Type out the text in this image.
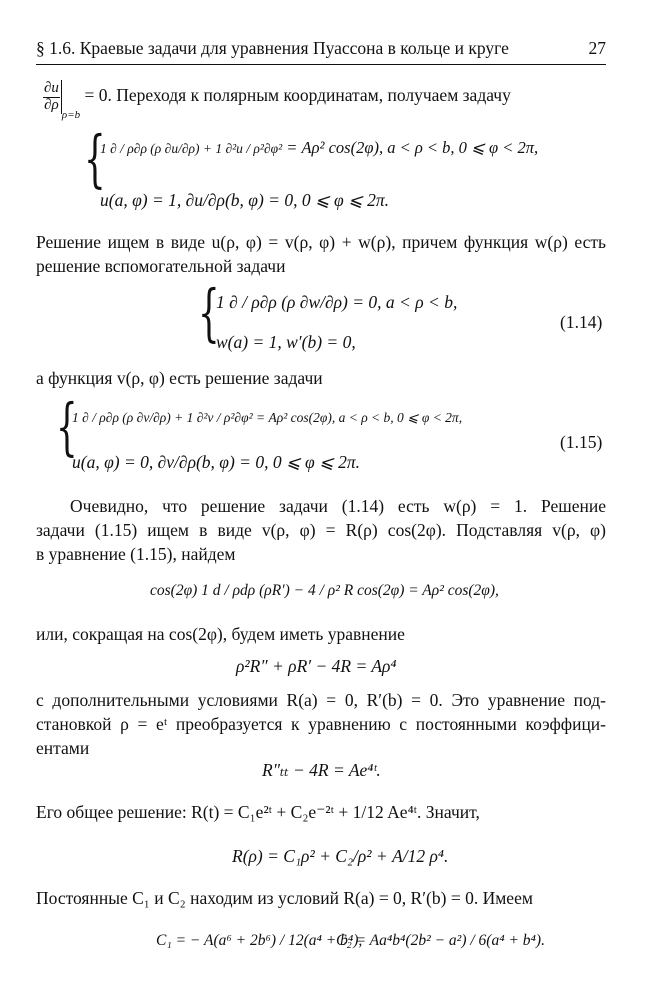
§ 1.6. Краевые задачи для уравнения Пуассона в кольце и круге	27
$\frac{\partial u}{\partial\rho}$
$_{\rho=b}$ = 0. Переходя к полярным координатам, получаем задачу
{
1 ∂ / ρ∂ρ (ρ ∂u/∂ρ) + 1 ∂²u / ρ²∂φ² = Aρ² cos(2φ), a < ρ < b, 0 ⩽ φ < 2π,
u(a, φ) = 1, ∂u/∂ρ(b, φ) = 0, 0 ⩽ φ ⩽ 2π.
Решение ищем в виде u(ρ, φ) = v(ρ, φ) + w(ρ), причем функция w(ρ) есть
решение вспомогательной задачи
{
1 ∂ / ρ∂ρ (ρ ∂w/∂ρ) = 0, a < ρ < b,
w(a) = 1, w′(b) = 0,
(1.14)
а функция v(ρ, φ) есть решение задачи
{
1 ∂ / ρ∂ρ (ρ ∂v/∂ρ) + 1 ∂²v / ρ²∂φ² = Aρ² cos(2φ), a < ρ < b, 0 ⩽ φ < 2π,
u(a, φ) = 0, ∂v/∂ρ(b, φ) = 0, 0 ⩽ φ ⩽ 2π.
(1.15)
Очевидно, что решение задачи (1.14) есть w(ρ) = 1. Решение
задачи (1.15) ищем в виде v(ρ, φ) = R(ρ) cos(2φ). Подставляя v(ρ, φ)
в уравнение (1.15), найдем
cos(2φ) 1 d / ρdρ (ρR′) − 4 / ρ² R cos(2φ) = Aρ² cos(2φ),
или, сокращая на cos(2φ), будем иметь уравнение
ρ²R″ + ρR′ − 4R = Aρ⁴
с дополнительными условиями R(a) = 0, R′(b) = 0. Это уравнение под-
становкой ρ = eᵗ преобразуется к уравнению с постоянными коэффици-
ентами
R″ₜₜ − 4R = Ae⁴ᵗ.
Его общее решение: R(t) = C₁e²ᵗ + C₂e⁻²ᵗ + 1/12 Ae⁴ᵗ. Значит,
R(ρ) = C₁ρ² + C₂/ρ² + A/12 ρ⁴.
Постоянные C₁ и C₂ находим из условий R(a) = 0, R′(b) = 0. Имеем
C₁ = − A(a⁶ + 2b⁶) / 12(a⁴ + b⁴),
C₂ = Aa⁴b⁴(2b² − a²) / 6(a⁴ + b⁴).
